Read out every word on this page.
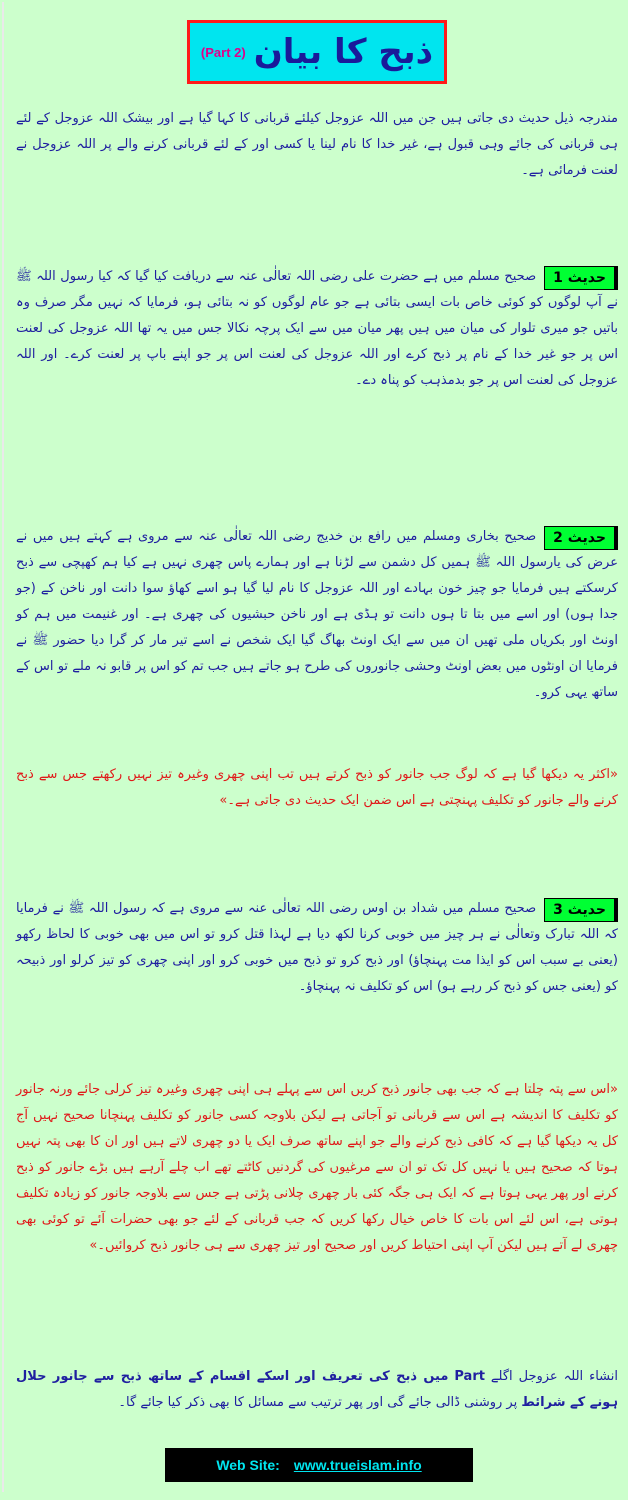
(Part 2) ذبح کا بیان

مندرجہ ذیل حدیث دی جاتی ہیں جن میں اللہ عزوجل کیلئے قربانی کا کہا گیا ہے اور بیشک اللہ عزوجل کے لئے ہی قربانی کی جائے وہی قبول ہے، غیر خدا کا نام لینا یا کسی اور کے لئے قربانی کرنے والے پر اللہ عزوجل نے لعنت فرمائی ہے۔

حدیث 1
صحیح مسلم میں ہے حضرت علی رضی اللہ تعالٰی عنہ سے دریافت کیا گیا کہ کیا رسول اللہ ﷺ نے آپ لوگوں کو کوئی خاص بات ایسی بتائی ہے جو عام لوگوں کو نہ بتائی ہو، فرمایا کہ نہیں مگر صرف وہ باتیں جو میری تلوار کی میان میں ہیں پھر میان میں سے ایک پرچہ نکالا جس میں یہ تھا اللہ عزوجل کی لعنت اس پر جو غیر خدا کے نام پر ذبح کرے اور اللہ عزوجل کی لعنت اس پر جو اپنے باپ پر لعنت کرے۔ اور اللہ عزوجل کی لعنت اس پر جو بدمذہب کو پناہ دے۔
حدیث 2
صحیح بخاری ومسلم میں رافع بن خدیج رضی اللہ تعالٰی عنہ سے مروی ہے کہتے ہیں میں نے عرض کی یارسول اللہ ﷺ ہمیں کل دشمن سے لڑنا ہے اور ہمارے پاس چھری نہیں ہے کیا ہم کھپچی سے ذبح کرسکتے ہیں فرمایا جو چیز خون بہادے اور اللہ عزوجل کا نام لیا گیا ہو اسے کھاؤ سوا دانت اور ناخن کے (جو جدا ہوں) اور اسے میں بتا تا ہوں دانت تو ہڈی ہے اور ناخن حبشیوں کی چھری ہے۔ اور غنیمت میں ہم کو اونٹ اور بکریاں ملی تھیں ان میں سے ایک اونٹ بھاگ گیا ایک شخص نے اسے تیر مار کر گرا دیا حضور ﷺ نے فرمایا ان اونٹوں میں بعض اونٹ وحشی جانوروں کی طرح ہو جاتے ہیں جب تم کو اس پر قابو نہ ملے تو اس کے ساتھ یہی کرو۔

«اکثر یہ دیکھا گیا ہے کہ لوگ جب جانور کو ذبح کرتے ہیں تب اپنی چھری وغیرہ تیز نہیں رکھتے جس سے ذبح کرنے والے جانور کو تکلیف پہنچتی ہے اس ضمن ایک حدیث دی جاتی ہے۔»

حدیث 3
صحیح مسلم میں شداد بن اوس رضی اللہ تعالٰی عنہ سے مروی ہے کہ رسول اللہ ﷺ نے فرمایا کہ اللہ تبارک وتعالٰی نے ہر چیز میں خوبی کرنا لکھ دیا ہے لہذا قتل کرو تو اس میں بھی خوبی کا لحاظ رکھو (یعنی بے سبب اس کو ایذا مت پہنچاؤ) اور ذبح کرو تو ذبح میں خوبی کرو اور اپنی چھری کو تیز کرلو اور ذبیحہ کو (یعنی جس کو ذبح کر رہے ہو) اس کو تکلیف نہ پہنچاؤ۔

«اس سے پتہ چلتا ہے کہ جب بھی جانور ذبح کریں اس سے پہلے ہی اپنی چھری وغیرہ تیز کرلی جائے ورنہ جانور کو تکلیف کا اندیشہ ہے اس سے قربانی تو آجاتی ہے لیکن بلاوجہ کسی جانور کو تکلیف پہنچانا صحیح نہیں آج کل یہ دیکھا گیا ہے کہ کافی ذبح کرنے والے جو اپنے ساتھ صرف ایک یا دو چھری لاتے ہیں اور ان کا بھی پتہ نہیں ہوتا کہ صحیح ہیں یا نہیں کل تک تو ان سے مرغیوں کی گردنیں کاٹتے تھے اب چلے آرہے ہیں بڑے جانور کو ذبح کرنے اور پھر یہی ہوتا ہے کہ ایک ہی جگہ کئی بار چھری چلانی پڑتی ہے جس سے بلاوجہ جانور کو زیادہ تکلیف ہوتی ہے، اس لئے اس بات کا خاص خیال رکھا کریں کہ جب قربانی کے لئے جو بھی حضرات آئے تو کوئی بھی چھری لے آتے ہیں لیکن آپ اپنی احتیاط کریں اور صحیح اور تیز چھری سے ہی جانور ذبح کروائیں۔»

انشاء اللہ عزوجل اگلے Part میں ذبح کی تعریف اور اسکے اقسام کے ساتھ ذبح سے جانور حلال ہونے کے شرائط پر روشنی ڈالی جائے گی اور پھر ترتیب سے مسائل کا بھی ذکر کیا جائے گا۔

Web Site: www.trueislam.info
